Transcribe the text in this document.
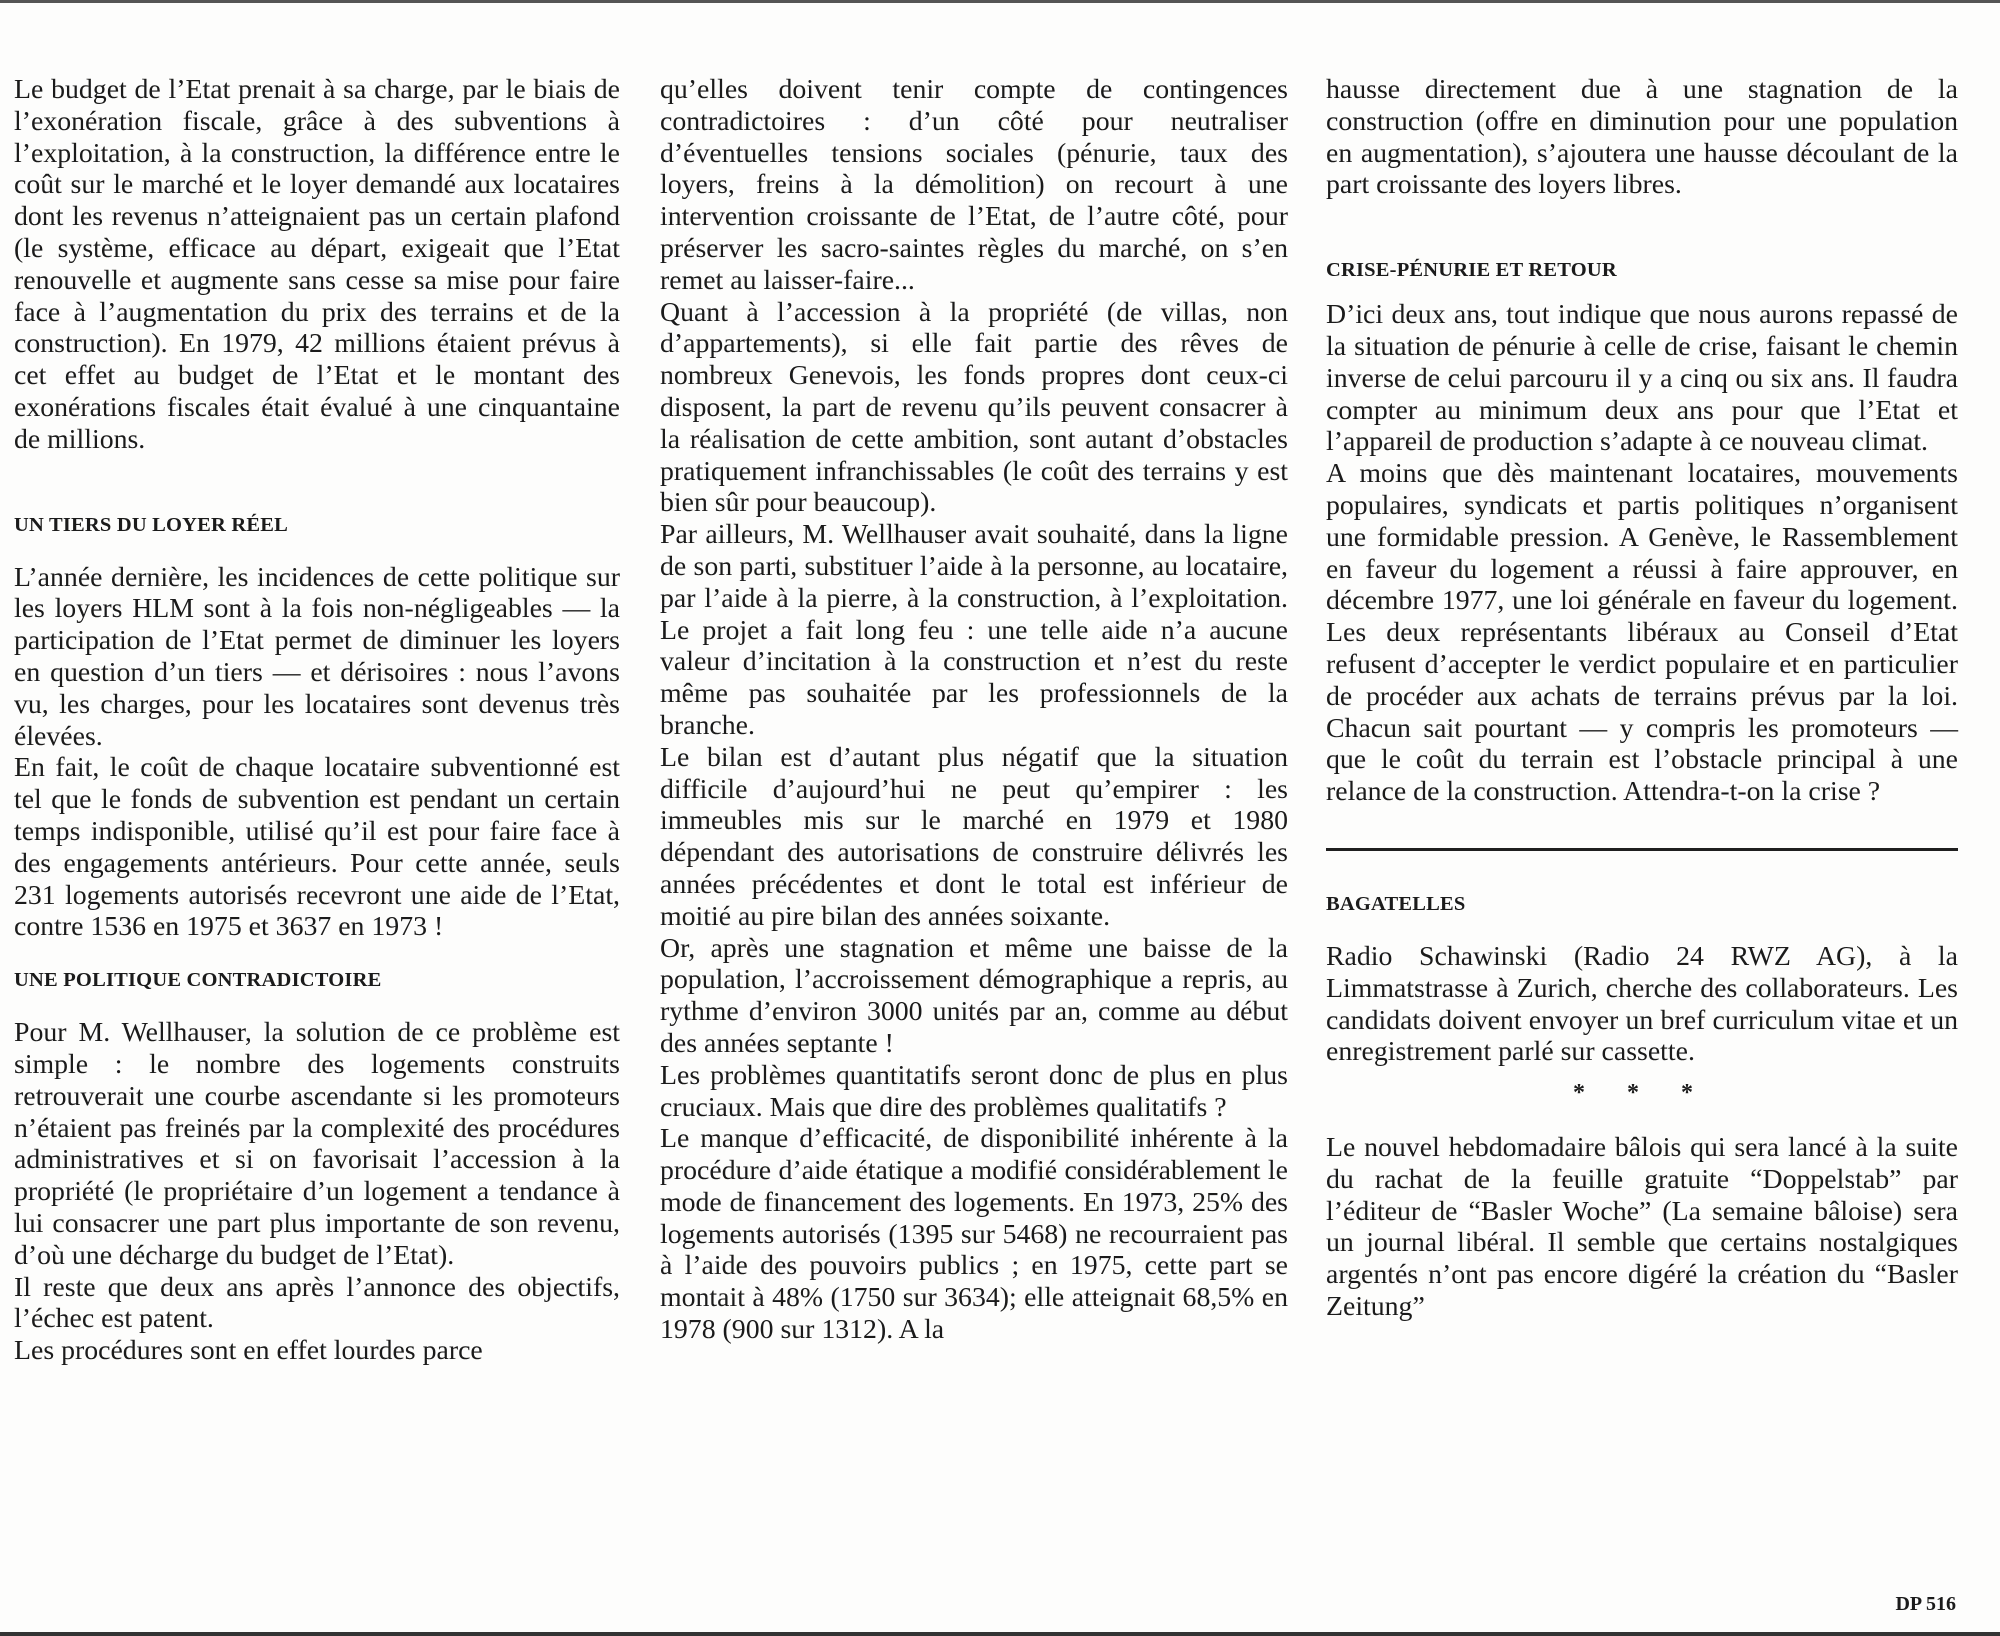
Le budget de l’Etat prenait à sa charge, par le biais de l’exonération fiscale, grâce à des subventions à l’exploitation, à la construction, la différence entre le coût sur le marché et le loyer demandé aux locataires dont les revenus n’atteignaient pas un certain plafond (le système, efficace au départ, exigeait que l’Etat renouvelle et augmente sans cesse sa mise pour faire face à l’augmentation du prix des terrains et de la construction). En 1979, 42 millions étaient prévus à cet effet au budget de l’Etat et le montant des exonérations fiscales était évalué à une cinquantaine de millions.

UN TIERS DU LOYER RÉEL

L’année dernière, les incidences de cette politique sur les loyers HLM sont à la fois non-négligeables — la participation de l’Etat permet de diminuer les loyers en question d’un tiers — et dérisoires : nous l’avons vu, les charges, pour les locataires sont devenus très élevées.

En fait, le coût de chaque locataire subventionné est tel que le fonds de subvention est pendant un certain temps indisponible, utilisé qu’il est pour faire face à des engagements antérieurs. Pour cette année, seuls 231 logements autorisés recevront une aide de l’Etat, contre 1536 en 1975 et 3637 en 1973 !

UNE POLITIQUE CONTRADICTOIRE

Pour M. Wellhauser, la solution de ce problème est simple : le nombre des logements construits retrouverait une courbe ascendante si les promoteurs n’étaient pas freinés par la complexité des procédures administratives et si on favorisait l’accession à la propriété (le propriétaire d’un logement a tendance à lui consacrer une part plus importante de son revenu, d’où une décharge du budget de l’Etat).

Il reste que deux ans après l’annonce des objectifs, l’échec est patent.

Les procédures sont en effet lourdes parce

qu’elles doivent tenir compte de contingences contradictoires : d’un côté pour neutraliser d’éventuelles tensions sociales (pénurie, taux des loyers, freins à la démolition) on recourt à une intervention croissante de l’Etat, de l’autre côté, pour préserver les sacro-saintes règles du marché, on s’en remet au laisser-faire...

Quant à l’accession à la propriété (de villas, non d’appartements), si elle fait partie des rêves de nombreux Genevois, les fonds propres dont ceux-ci disposent, la part de revenu qu’ils peuvent consacrer à la réalisation de cette ambition, sont autant d’obstacles pratiquement infranchissables (le coût des terrains y est bien sûr pour beaucoup).

Par ailleurs, M. Wellhauser avait souhaité, dans la ligne de son parti, substituer l’aide à la personne, au locataire, par l’aide à la pierre, à la construction, à l’exploitation. Le projet a fait long feu : une telle aide n’a aucune valeur d’incitation à la construction et n’est du reste même pas souhaitée par les professionnels de la branche.

Le bilan est d’autant plus négatif que la situation difficile d’aujourd’hui ne peut qu’empirer : les immeubles mis sur le marché en 1979 et 1980 dépendant des autorisations de construire délivrés les années précédentes et dont le total est inférieur de moitié au pire bilan des années soixante.

Or, après une stagnation et même une baisse de la population, l’accroissement démographique a repris, au rythme d’environ 3000 unités par an, comme au début des années septante !

Les problèmes quantitatifs seront donc de plus en plus cruciaux. Mais que dire des problèmes qualitatifs ?

Le manque d’efficacité, de disponibilité inhérente à la procédure d’aide étatique a modifié considérablement le mode de financement des logements. En 1973, 25% des logements autorisés (1395 sur 5468) ne recourraient pas à l’aide des pouvoirs publics ; en 1975, cette part se montait à 48% (1750 sur 3634); elle atteignait 68,5% en 1978 (900 sur 1312). A la

hausse directement due à une stagnation de la construction (offre en diminution pour une population en augmentation), s’ajoutera une hausse découlant de la part croissante des loyers libres.

CRISE-PÉNURIE ET RETOUR

D’ici deux ans, tout indique que nous aurons repassé de la situation de pénurie à celle de crise, faisant le chemin inverse de celui parcouru il y a cinq ou six ans. Il faudra compter au minimum deux ans pour que l’Etat et l’appareil de production s’adapte à ce nouveau climat.

A moins que dès maintenant locataires, mouvements populaires, syndicats et partis politiques n’organisent une formidable pression. A Genève, le Rassemblement en faveur du logement a réussi à faire approuver, en décembre 1977, une loi générale en faveur du logement. Les deux représentants libéraux au Conseil d’Etat refusent d’accepter le verdict populaire et en particulier de procéder aux achats de terrains prévus par la loi. Chacun sait pourtant — y compris les promoteurs — que le coût du terrain est l’obstacle principal à une relance de la construction. Attendra-t-on la crise ?

BAGATELLES

Radio Schawinski (Radio 24 RWZ AG), à la Limmatstrasse à Zurich, cherche des collaborateurs. Les candidats doivent envoyer un bref curriculum vitae et un enregistrement parlé sur cassette.

* * *

Le nouvel hebdomadaire bâlois qui sera lancé à la suite du rachat de la feuille gratuite “Doppelstab” par l’éditeur de “Basler Woche” (La semaine bâloise) sera un journal libéral. Il semble que certains nostalgiques argentés n’ont pas encore digéré la création du “Basler Zeitung”

DP 516
